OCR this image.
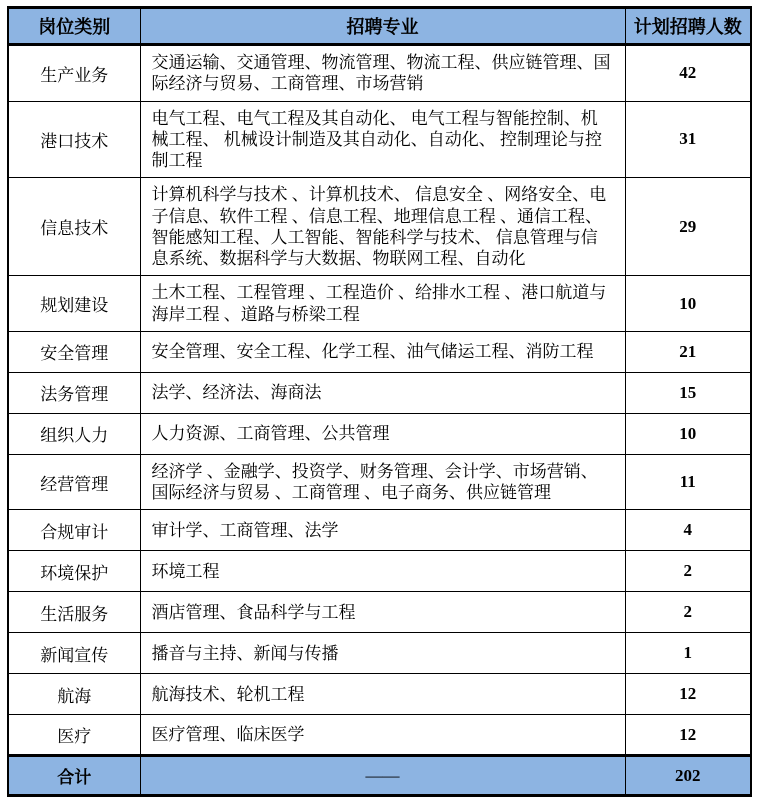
岗位类别	招聘专业	计划招聘人数
生产业务	交通运输、交通管理、物流管理、物流工程、供应链管理、国际经济与贸易、工商管理、市场营销	42
港口技术	电气工程、电气工程及其自动化、 电气工程与智能控制、机械工程、 机械设计制造及其自动化、自动化、 控制理论与控制工程	31
信息技术	计算机科学与技术 、计算机技术、 信息安全 、网络安全、电子信息、软件工程 、信息工程、地理信息工程 、通信工程、 智能感知工程、人工智能、智能科学与技术、 信息管理与信息系统、数据科学与大数据、物联网工程、自动化	29
规划建设	土木工程、工程管理 、工程造价 、给排水工程 、港口航道与海岸工程 、道路与桥梁工程	10
安全管理	安全管理、安全工程、化学工程、油气储运工程、消防工程	21
法务管理	法学、经济法、海商法	15
组织人力	人力资源、工商管理、公共管理	10
经营管理	经济学 、金融学、投资学、财务管理、会计学、市场营销、国际经济与贸易 、工商管理 、电子商务、供应链管理	11
合规审计	审计学、工商管理、法学	4
环境保护	环境工程	2
生活服务	酒店管理、食品科学与工程	2
新闻宣传	播音与主持、新闻与传播	1
航海	航海技术、轮机工程	12
医疗	医疗管理、临床医学	12
合计	——	202
